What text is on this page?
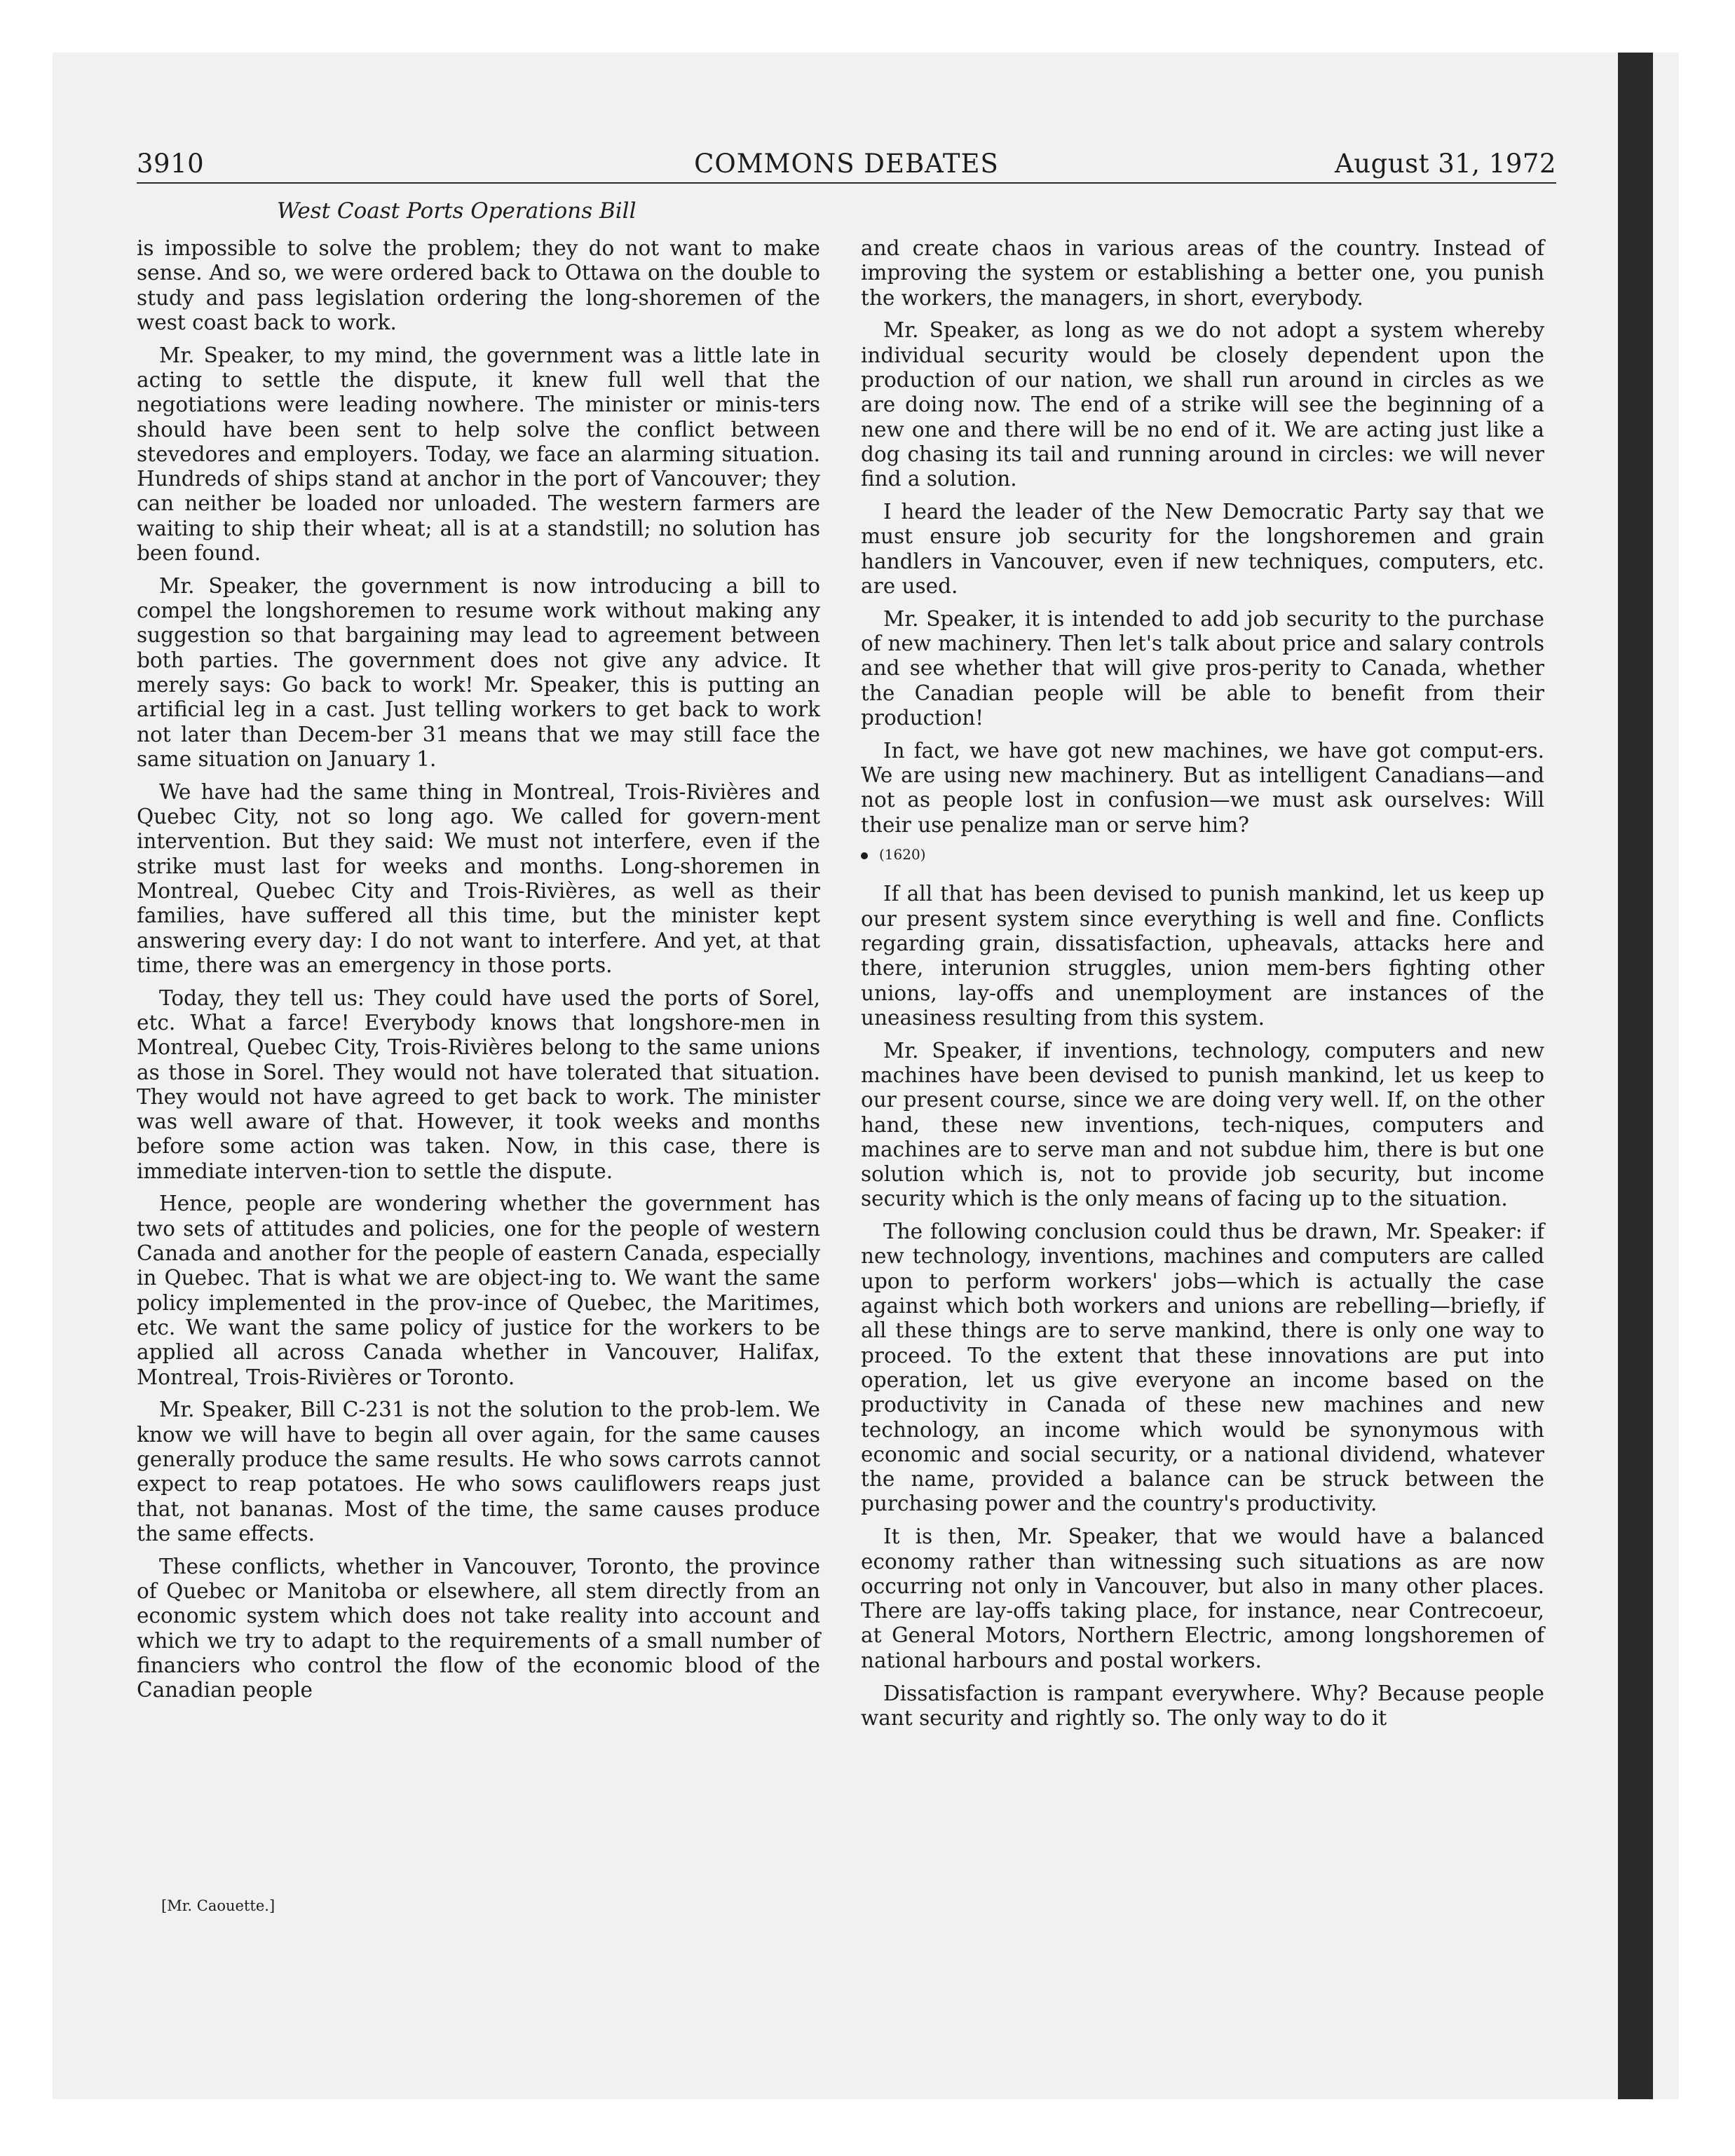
3910	COMMONS DEBATES	August 31, 1972
West Coast Ports Operations Bill

is impossible to solve the problem; they do not want to make sense. And so, we were ordered back to Ottawa on the double to study and pass legislation ordering the long-shoremen of the west coast back to work.

Mr. Speaker, to my mind, the government was a little late in acting to settle the dispute, it knew full well that the negotiations were leading nowhere. The minister or minis-ters should have been sent to help solve the conflict between stevedores and employers. Today, we face an alarming situation. Hundreds of ships stand at anchor in the port of Vancouver; they can neither be loaded nor unloaded. The western farmers are waiting to ship their wheat; all is at a standstill; no solution has been found.

Mr. Speaker, the government is now introducing a bill to compel the longshoremen to resume work without making any suggestion so that bargaining may lead to agreement between both parties. The government does not give any advice. It merely says: Go back to work! Mr. Speaker, this is putting an artificial leg in a cast. Just telling workers to get back to work not later than Decem-ber 31 means that we may still face the same situation on January 1.

We have had the same thing in Montreal, Trois-Rivières and Quebec City, not so long ago. We called for govern-ment intervention. But they said: We must not interfere, even if the strike must last for weeks and months. Long-shoremen in Montreal, Quebec City and Trois-Rivières, as well as their families, have suffered all this time, but the minister kept answering every day: I do not want to interfere. And yet, at that time, there was an emergency in those ports.

Today, they tell us: They could have used the ports of Sorel, etc. What a farce! Everybody knows that longshore-men in Montreal, Quebec City, Trois-Rivières belong to the same unions as those in Sorel. They would not have tolerated that situation. They would not have agreed to get back to work. The minister was well aware of that. However, it took weeks and months before some action was taken. Now, in this case, there is immediate interven-tion to settle the dispute.

Hence, people are wondering whether the government has two sets of attitudes and policies, one for the people of western Canada and another for the people of eastern Canada, especially in Quebec. That is what we are object-ing to. We want the same policy implemented in the prov-ince of Quebec, the Maritimes, etc. We want the same policy of justice for the workers to be applied all across Canada whether in Vancouver, Halifax, Montreal, Trois-Rivières or Toronto.

Mr. Speaker, Bill C-231 is not the solution to the prob-lem. We know we will have to begin all over again, for the same causes generally produce the same results. He who sows carrots cannot expect to reap potatoes. He who sows cauliflowers reaps just that, not bananas. Most of the time, the same causes produce the same effects.

These conflicts, whether in Vancouver, Toronto, the province of Quebec or Manitoba or elsewhere, all stem directly from an economic system which does not take reality into account and which we try to adapt to the requirements of a small number of financiers who control the flow of the economic blood of the Canadian people

[Mr. Caouette.]

and create chaos in various areas of the country. Instead of improving the system or establishing a better one, you punish the workers, the managers, in short, everybody.

Mr. Speaker, as long as we do not adopt a system whereby individual security would be closely dependent upon the production of our nation, we shall run around in circles as we are doing now. The end of a strike will see the beginning of a new one and there will be no end of it. We are acting just like a dog chasing its tail and running around in circles: we will never find a solution.

I heard the leader of the New Democratic Party say that we must ensure job security for the longshoremen and grain handlers in Vancouver, even if new techniques, computers, etc. are used.

Mr. Speaker, it is intended to add job security to the purchase of new machinery. Then let's talk about price and salary controls and see whether that will give pros-perity to Canada, whether the Canadian people will be able to benefit from their production!

In fact, we have got new machines, we have got comput-ers. We are using new machinery. But as intelligent Canadians—and not as people lost in confusion—we must ask ourselves: Will their use penalize man or serve him?

(1620)

If all that has been devised to punish mankind, let us keep up our present system since everything is well and fine. Conflicts regarding grain, dissatisfaction, upheavals, attacks here and there, interunion struggles, union mem-bers fighting other unions, lay-offs and unemployment are instances of the uneasiness resulting from this system.

Mr. Speaker, if inventions, technology, computers and new machines have been devised to punish mankind, let us keep to our present course, since we are doing very well. If, on the other hand, these new inventions, tech-niques, computers and machines are to serve man and not subdue him, there is but one solution which is, not to provide job security, but income security which is the only means of facing up to the situation.

The following conclusion could thus be drawn, Mr. Speaker: if new technology, inventions, machines and computers are called upon to perform workers' jobs—which is actually the case against which both workers and unions are rebelling—briefly, if all these things are to serve mankind, there is only one way to proceed. To the extent that these innovations are put into operation, let us give everyone an income based on the productivity in Canada of these new machines and new technology, an income which would be synonymous with economic and social security, or a national dividend, whatever the name, provided a balance can be struck between the purchasing power and the country's productivity.

It is then, Mr. Speaker, that we would have a balanced economy rather than witnessing such situations as are now occurring not only in Vancouver, but also in many other places. There are lay-offs taking place, for instance, near Contrecoeur, at General Motors, Northern Electric, among longshoremen of national harbours and postal workers.

Dissatisfaction is rampant everywhere. Why? Because people want security and rightly so. The only way to do it
